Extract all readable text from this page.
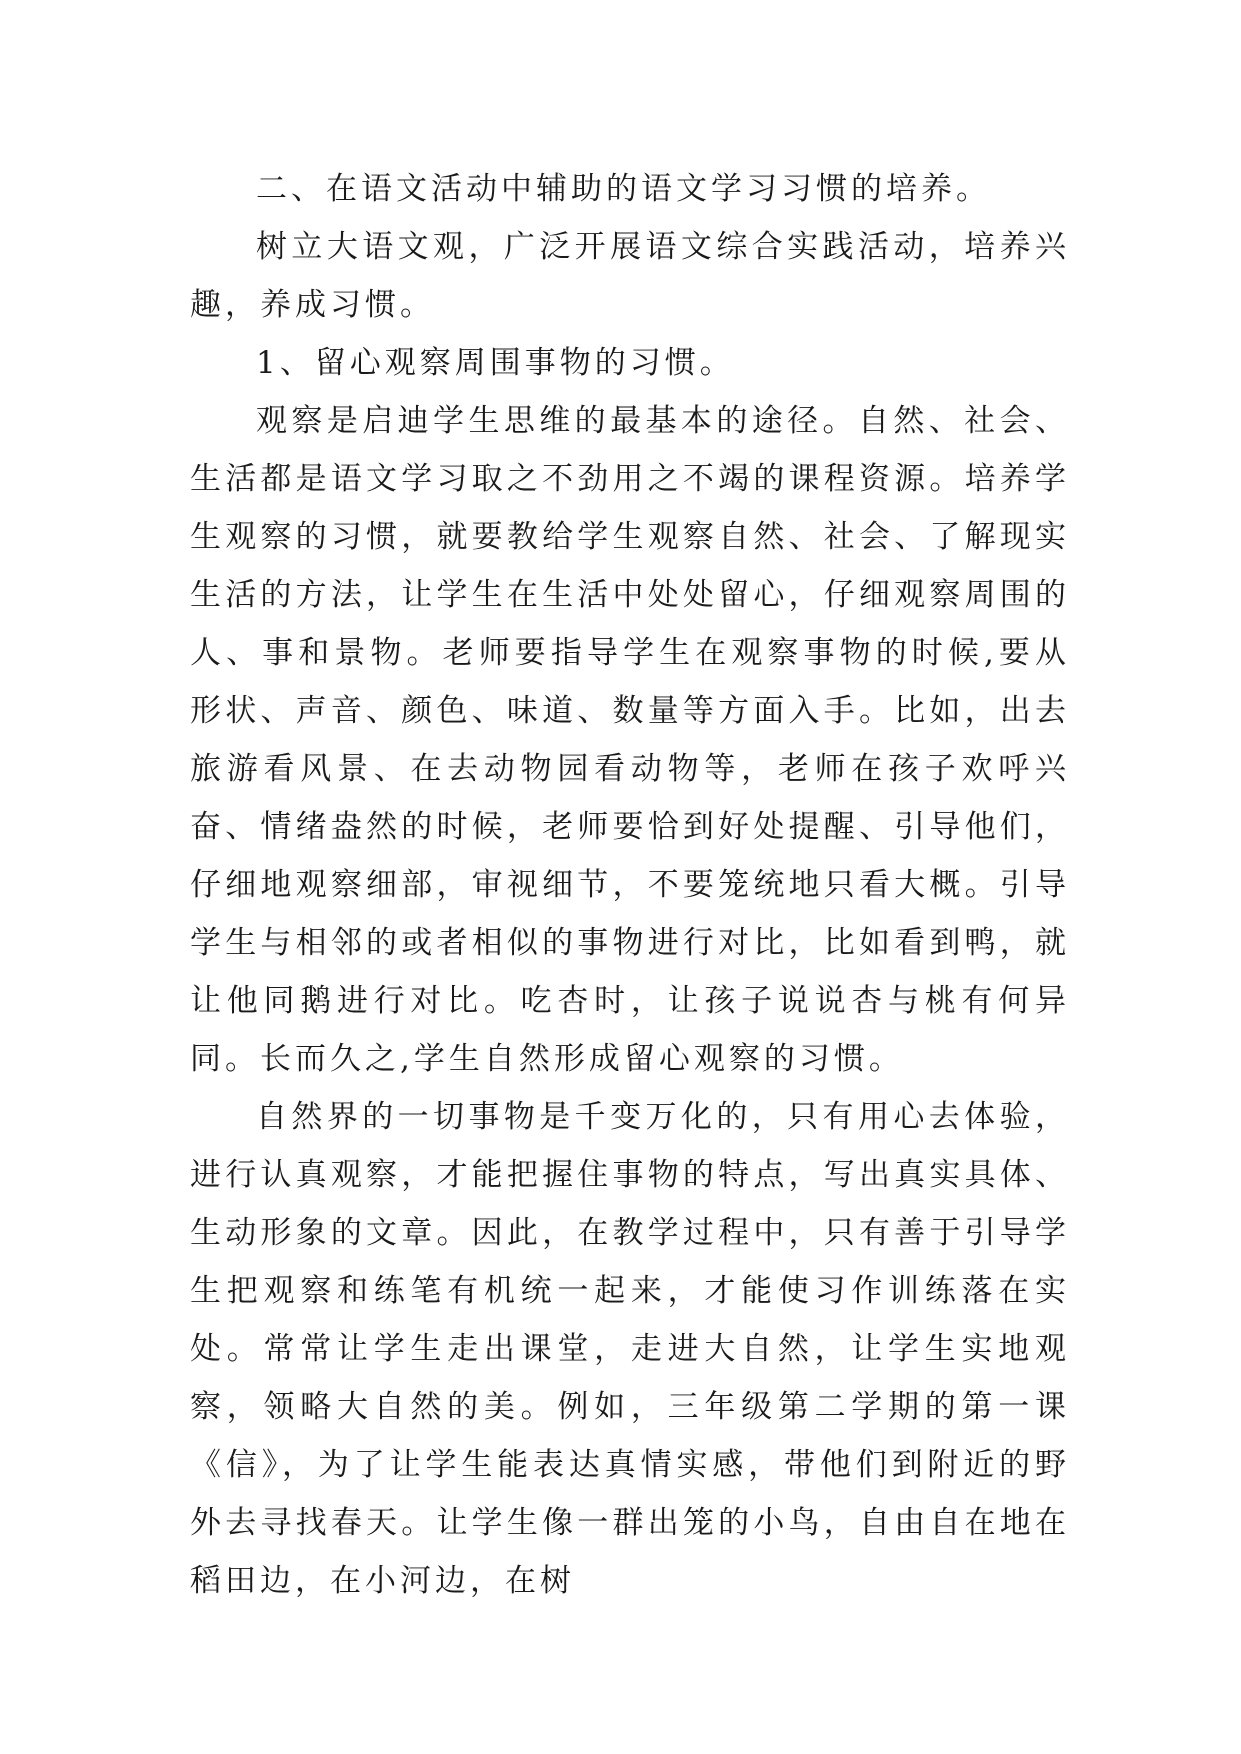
二、在语文活动中辅助的语文学习习惯的培养。

树立大语文观，广泛开展语文综合实践活动，培养兴趣，养成习惯。

1、留心观察周围事物的习惯。

观察是启迪学生思维的最基本的途径。自然、社会、生活都是语文学习取之不劲用之不竭的课程资源。培养学生观察的习惯，就要教给学生观察自然、社会、了解现实生活的方法，让学生在生活中处处留心，仔细观察周围的人、事和景物。老师要指导学生在观察事物的时候,要从形状、声音、颜色、味道、数量等方面入手。比如，出去旅游看风景、在去动物园看动物等，老师在孩子欢呼兴奋、情绪盎然的时候，老师要恰到好处提醒、引导他们，仔细地观察细部，审视细节，不要笼统地只看大概。引导学生与相邻的或者相似的事物进行对比，比如看到鸭，就让他同鹅进行对比。吃杏时，让孩子说说杏与桃有何异同。长而久之,学生自然形成留心观察的习惯。

自然界的一切事物是千变万化的，只有用心去体验，进行认真观察，才能把握住事物的特点，写出真实具体、生动形象的文章。因此，在教学过程中，只有善于引导学生把观察和练笔有机统一起来，才能使习作训练落在实处。常常让学生走出课堂，走进大自然，让学生实地观察，领略大自然的美。例如，三年级第二学期的第一课《信》，为了让学生能表达真情实感，带他们到附近的野外去寻找春天。让学生像一群出笼的小鸟，自由自在地在稻田边，在小河边，在树
